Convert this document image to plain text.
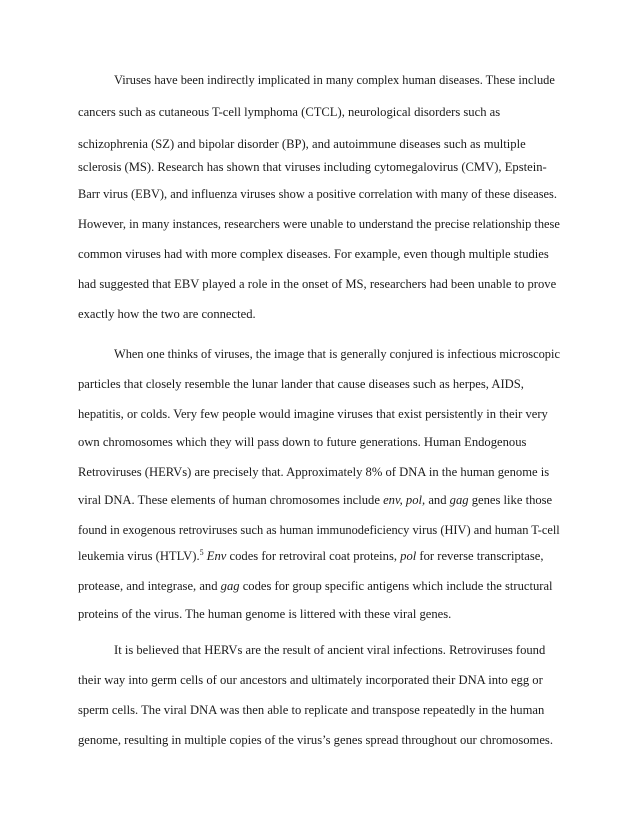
Viruses have been indirectly implicated in many complex human diseases. These include
cancers such as cutaneous T-cell lymphoma (CTCL), neurological disorders such as
schizophrenia (SZ) and bipolar disorder (BP), and autoimmune diseases such as multiple
sclerosis (MS). Research has shown that viruses including cytomegalovirus (CMV), Epstein-
Barr virus (EBV), and influenza viruses show a positive correlation with many of these diseases.
However, in many instances, researchers were unable to understand the precise relationship these
common viruses had with more complex diseases. For example, even though multiple studies
had suggested that EBV played a role in the onset of MS, researchers had been unable to prove
exactly how the two are connected.
When one thinks of viruses, the image that is generally conjured is infectious microscopic
particles that closely resemble the lunar lander that cause diseases such as herpes, AIDS,
hepatitis, or colds. Very few people would imagine viruses that exist persistently in their very
own chromosomes which they will pass down to future generations. Human Endogenous
Retroviruses (HERVs) are precisely that. Approximately 8% of DNA in the human genome is
viral DNA. These elements of human chromosomes include env, pol, and gag genes like those
found in exogenous retroviruses such as human immunodeficiency virus (HIV) and human T-cell
leukemia virus (HTLV).$^5$ Env codes for retroviral coat proteins, pol for reverse transcriptase,
protease, and integrase, and gag codes for group specific antigens which include the structural
proteins of the virus. The human genome is littered with these viral genes.
It is believed that HERVs are the result of ancient viral infections. Retroviruses found
their way into germ cells of our ancestors and ultimately incorporated their DNA into egg or
sperm cells. The viral DNA was then able to replicate and transpose repeatedly in the human
genome, resulting in multiple copies of the virus’s genes spread throughout our chromosomes.
